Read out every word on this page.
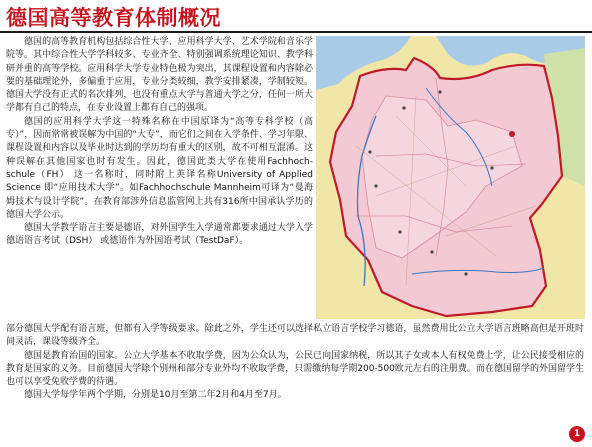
德国高等教育体制概况

德国的高等教育机构包括综合性大学、应用科学大学、艺术学院和音乐学院等。其中综合性大学学科较多、专业齐全、特别强调系统理论知识、教学科研并重的高等学校。应用科学大学专业特色极为突出，其课程设置和内容除必要的基础理论外，多偏重于应用，专业分类较细，教学安排紧凑，学制较短。德国大学没有正式的名次排列，也没有重点大学与普通大学之分，任何一所大学都有自己的特点，在专业设置上都有自己的强项。

德国的应用科学大学这一特殊名称在中国原译为“高等专科学校（高专）”，因而常常被误解为中国的“大专”，而它们之间在入学条件、学习年限、课程设置和内容以及毕业时达到的学历均有重大的区别，故不可相互混淆。这种误解在其他国家也时有发生。因此，德国此类大学在使用Fachhoch-schule（FH） 这一名称时，同时附上英译名称University of Applied Science 即“应用技术大学”。如Fachhochschule Mannheim可译为“曼海姆技术与设计学院”。在教育部涉外信息监管网上共有316所中国承认学历的德国大学公示。

德国大学教学语言主要是德语，对外国学生入学通常都要求通过大学入学德语语言考试（DSH） 或德语作为外国语考试（TestDaF）。

部分德国大学配有语言班，但都有入学等级要求。除此之外，学生还可以选择私立语言学校学习德语，虽然费用比公立大学语言班略高但是开班时间灵活，课设等级齐全。

德国是教育治国的国家。公立大学基本不收取学费，因为公众认为，公民已向国家纳税，所以其子女或本人有权免费上学，让公民接受相应的教育是国家的义务。目前德国大学除个别州和部分专业外均不收取学费，只需缴纳每学期200-500欧元左右的注册费。而在德国留学的外国留学生也可以享受免收学费的待遇。

德国大学每学年两个学期，分别是10月至第二年2月和4月至7月。

1
